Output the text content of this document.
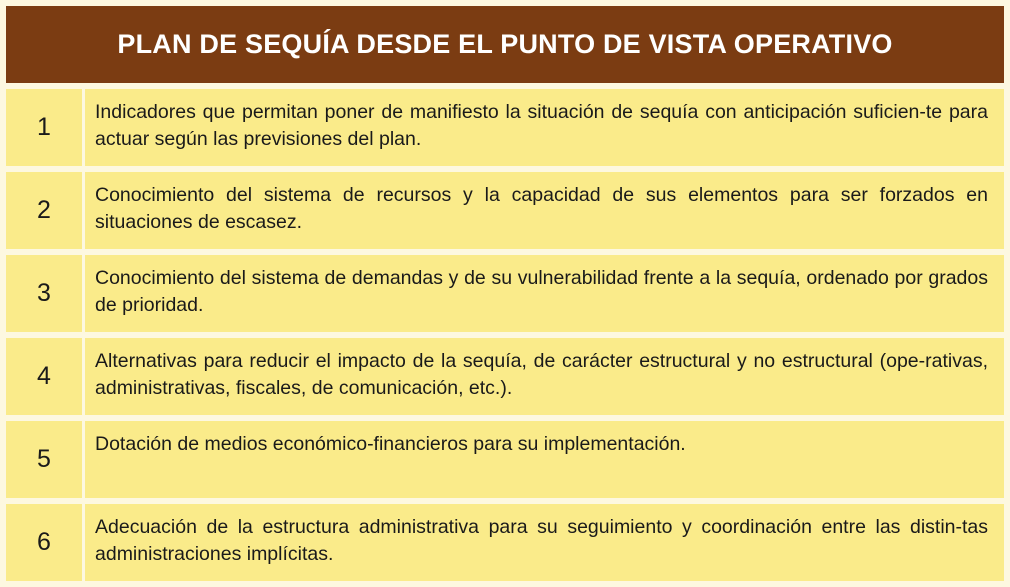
PLAN DE SEQUÍA DESDE EL PUNTO DE VISTA OPERATIVO
1
Indicadores que permitan poner de manifiesto la situación de sequía con anticipación suficien-te para actuar según las previsiones del plan.
2
Conocimiento del sistema de recursos y la capacidad de sus elementos para ser forzados en situaciones de escasez.
3
Conocimiento del sistema de demandas y de su vulnerabilidad frente a la sequía, ordenado por grados de prioridad.
4
Alternativas para reducir el impacto de la sequía, de carácter estructural y no estructural (ope-rativas, administrativas, fiscales, de comunicación, etc.).
5
Dotación de medios económico-financieros para su implementación.
6
Adecuación de la estructura administrativa para su seguimiento y coordinación entre las distin-tas administraciones implícitas.
